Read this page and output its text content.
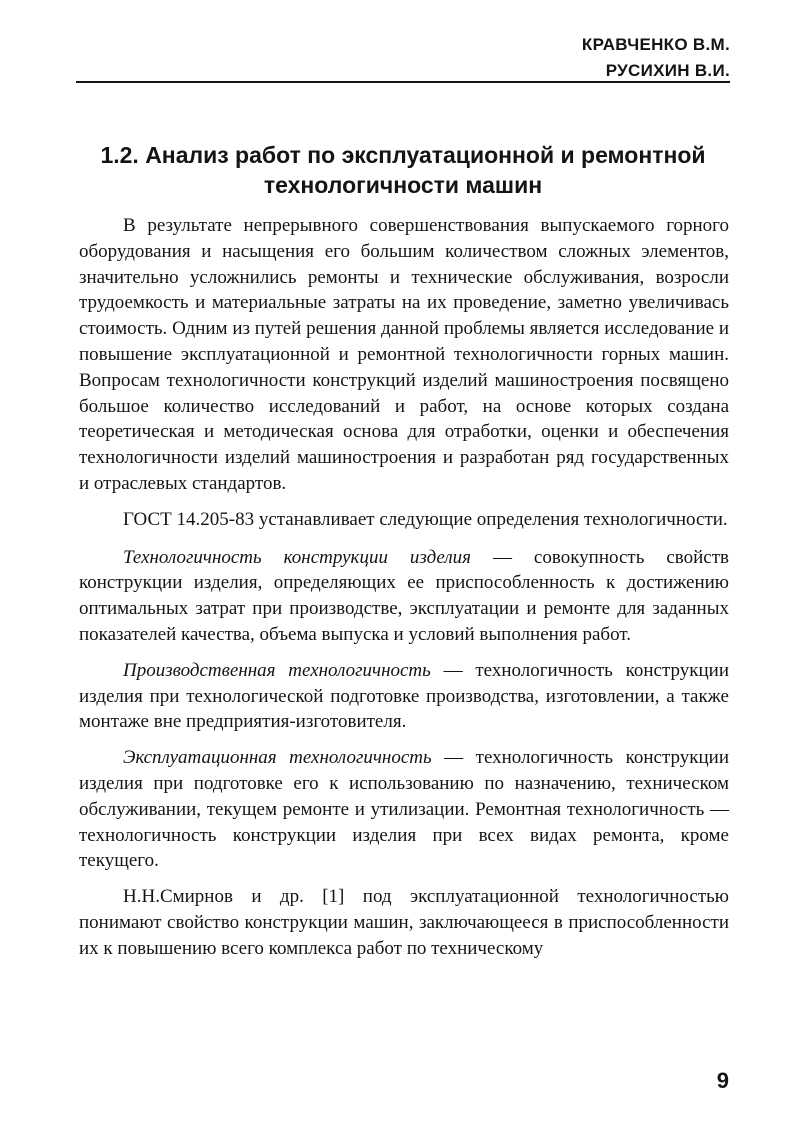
КРАВЧЕНКО В.М.
РУСИХИН В.И.
1.2. Анализ работ по эксплуатационной и ремонтной
технологичности машин

В результате непрерывного совершенствования выпускаемого горного оборудования и насыщения его большим количеством сложных элементов, значительно усложнились ремонты и технические обслуживания, возросли трудоемкость и материальные затраты на их проведение, заметно увеличивась стоимость. Одним из путей решения данной проблемы является исследование и повышение эксплуатационной и ремонтной технологичности горных машин. Вопросам технологичности конструкций изделий машиностроения посвящено большое количество исследований и работ, на основе которых создана теоретическая и методическая основа для отработки, оценки и обеспечения технологичности изделий машиностроения и разработан ряд государственных и отраслевых стандартов.

ГОСТ 14.205-83 устанавливает следующие определения технологичности.

Технологичность конструкции изделия — совокупность свойств конструкции изделия, определяющих ее приспособленность к достижению оптимальных затрат при производстве, эксплуатации и ремонте для заданных показателей качества, объема выпуска и условий выполнения работ.

Производственная технологичность — технологичность конструкции изделия при технологической подготовке производства, изготовлении, а также монтаже вне предприятия-изготовителя.

Эксплуатационная технологичность — технологичность конструкции изделия при подготовке его к использованию по назначению, техническом обслуживании, текущем ремонте и утилизации. Ремонтная технологичность — технологичность конструкции изделия при всех видах ремонта, кроме текущего.

Н.Н.Смирнов и др. [1] под эксплуатационной технологичностью понимают свойство конструкции машин, заключающееся в приспособленности их к повышению всего комплекса работ по техническому

9
